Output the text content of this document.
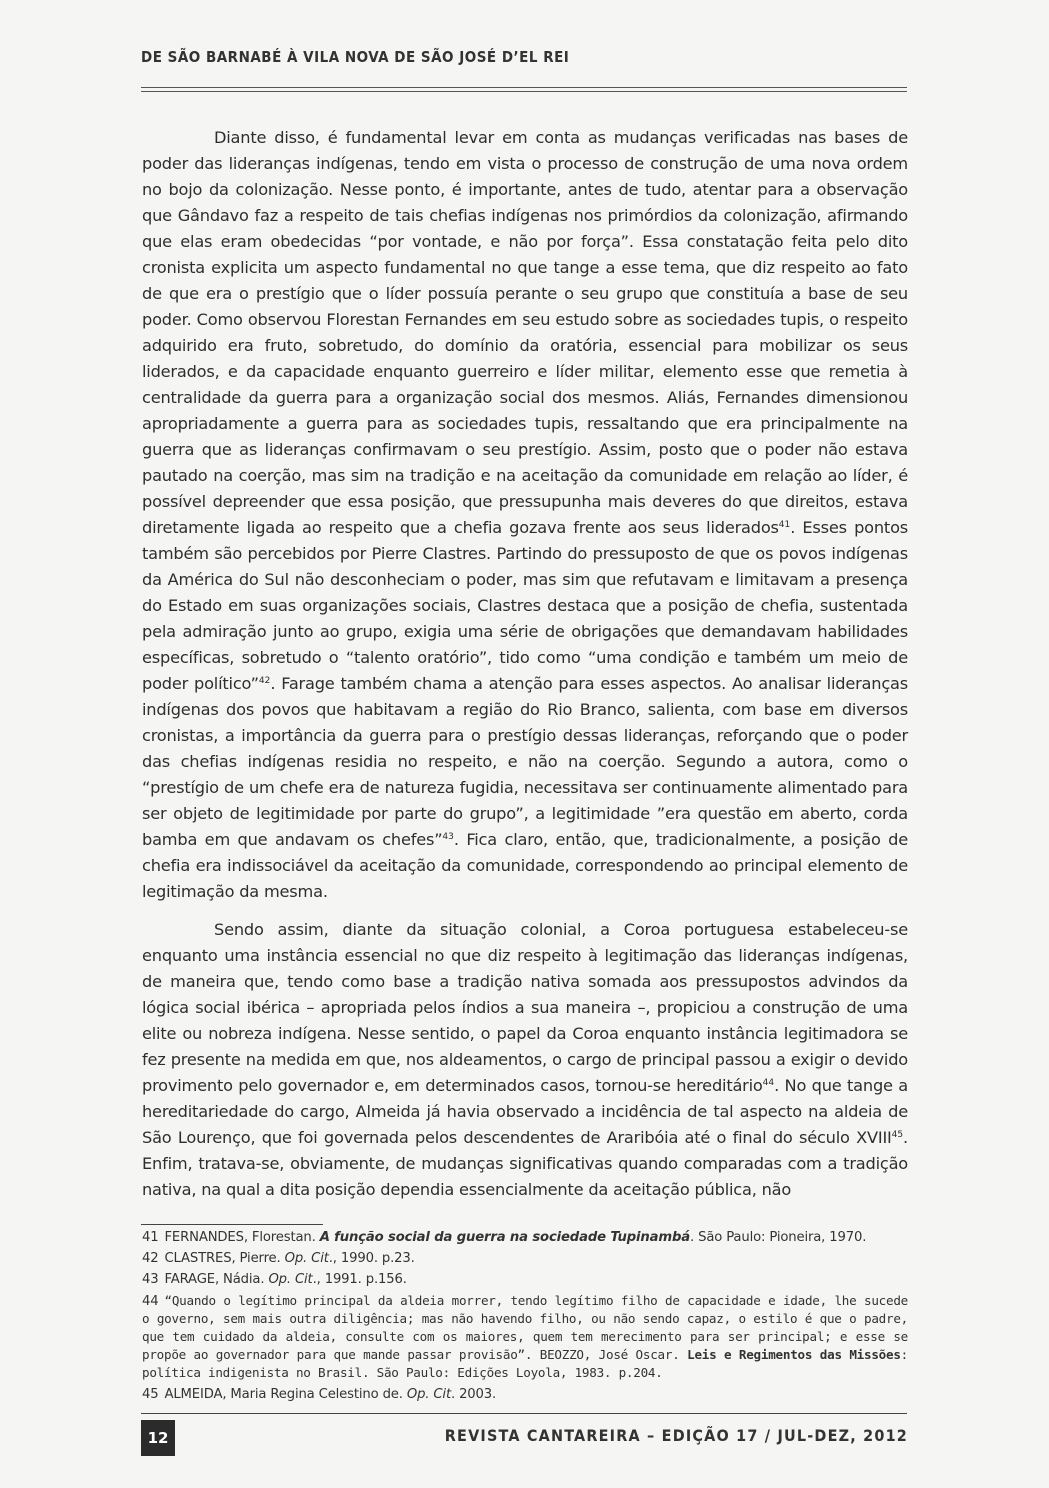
DE SÃO BARNABÉ À VILA NOVA DE SÃO JOSÉ D’EL REI

Diante disso, é fundamental levar em conta as mudanças verificadas nas bases de poder das lideranças indígenas, tendo em vista o processo de construção de uma nova ordem no bojo da colonização. Nesse ponto, é importante, antes de tudo, atentar para a observação que Gândavo faz a respeito de tais chefias indígenas nos primórdios da colonização, afirmando que elas eram obedecidas “por vontade, e não por força”. Essa constatação feita pelo dito cronista explicita um aspecto fundamental no que tange a esse tema, que diz respeito ao fato de que era o prestígio que o líder possuía perante o seu grupo que constituía a base de seu poder. Como observou Florestan Fernandes em seu estudo sobre as sociedades tupis, o respeito adquirido era fruto, sobretudo, do domínio da oratória, essencial para mobilizar os seus liderados, e da capacidade enquanto guerreiro e líder militar, elemento esse que remetia à centralidade da guerra para a organização social dos mesmos. Aliás, Fernandes dimensionou apropriadamente a guerra para as sociedades tupis, ressaltando que era principalmente na guerra que as lideranças confirmavam o seu prestígio. Assim, posto que o poder não estava pautado na coerção, mas sim na tradição e na aceitação da comunidade em relação ao líder, é possível depreender que essa posição, que pressupunha mais deveres do que direitos, estava diretamente ligada ao respeito que a chefia gozava frente aos seus liderados$^{41}$. Esses pontos também são percebidos por Pierre Clastres. Partindo do pressuposto de que os povos indígenas da América do Sul não desconheciam o poder, mas sim que refutavam e limitavam a presença do Estado em suas organizações sociais, Clastres destaca que a posição de chefia, sustentada pela admiração junto ao grupo, exigia uma série de obrigações que demandavam habilidades específicas, sobretudo o “talento oratório”, tido como “uma condição e também um meio de poder político”$^{42}$. Farage também chama a atenção para esses aspectos. Ao analisar lideranças indígenas dos povos que habitavam a região do Rio Branco, salienta, com base em diversos cronistas, a importância da guerra para o prestígio dessas lideranças, reforçando que o poder das chefias indígenas residia no respeito, e não na coerção. Segundo a autora, como o “prestígio de um chefe era de natureza fugidia, necessitava ser continuamente alimentado para ser objeto de legitimidade por parte do grupo”, a legitimidade ”era questão em aberto, corda bamba em que andavam os chefes”$^{43}$. Fica claro, então, que, tradicionalmente, a posição de chefia era indissociável da aceitação da comunidade, correspondendo ao principal elemento de legitimação da mesma.

Sendo assim, diante da situação colonial, a Coroa portuguesa estabeleceu-se enquanto uma instância essencial no que diz respeito à legitimação das lideranças indígenas, de maneira que, tendo como base a tradição nativa somada aos pressupostos advindos da lógica social ibérica – apropriada pelos índios a sua maneira –, propiciou a construção de uma elite ou nobreza indígena. Nesse sentido, o papel da Coroa enquanto instância legitimadora se fez presente na medida em que, nos aldeamentos, o cargo de principal passou a exigir o devido provimento pelo governador e, em determinados casos, tornou-se hereditário$^{44}$. No que tange a hereditariedade do cargo, Almeida já havia observado a incidência de tal aspecto na aldeia de São Lourenço, que foi governada pelos descendentes de Araribóia até o final do século XVIII$^{45}$. Enfim, tratava-se, obviamente, de mudanças significativas quando comparadas com a tradição nativa, na qual a dita posição dependia essencialmente da aceitação pública, não

41 FERNANDES, Florestan. A função social da guerra na sociedade Tupinambá. São Paulo: Pioneira, 1970.
42 CLASTRES, Pierre. Op. Cit., 1990. p.23.
43 FARAGE, Nádia. Op. Cit., 1991. p.156.
44 “Quando o legítimo principal da aldeia morrer, tendo legítimo filho de capacidade e idade, lhe sucede o governo, sem mais outra diligência; mas não havendo filho, ou não sendo capaz, o estilo é que o padre, que tem cuidado da aldeia, consulte com os maiores, quem tem merecimento para ser principal; e esse se propõe ao governador para que mande passar provisão”. BEOZZO, José Oscar. Leis e Regimentos das Missões: política indigenista no Brasil. São Paulo: Edições Loyola, 1983. p.204.
45 ALMEIDA, Maria Regina Celestino de. Op. Cit. 2003.
12	REVISTA CANTAREIRA – EDIÇÃO 17 / JUL-DEZ, 2012
